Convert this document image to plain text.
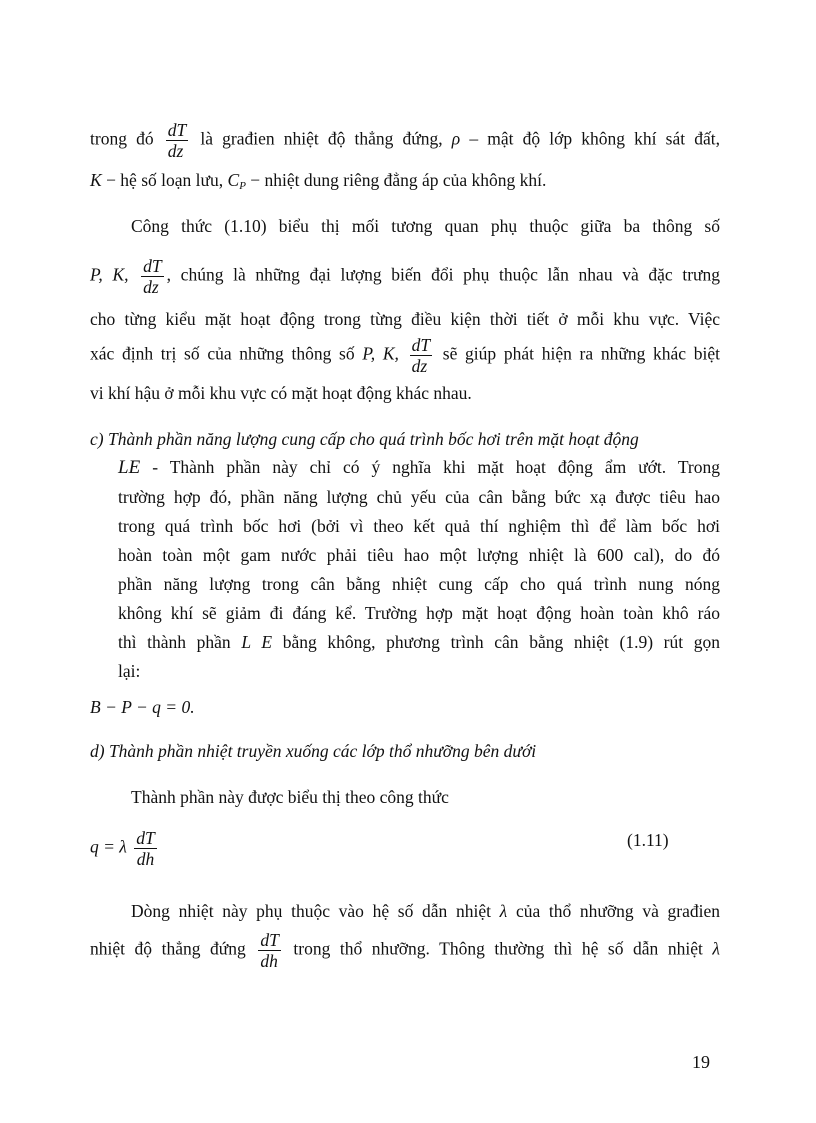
trong đó $\frac{dT}{dz}$ là građien nhiệt độ thẳng đứng, ρ – mật độ lớp không khí sát đất,
K − hệ số loạn lưu, $C_P$ − nhiệt dung riêng đẳng áp của không khí.
Công thức (1.10) biểu thị mối tương quan phụ thuộc giữa ba thông số
P, K, $\frac{dT}{dz}$ , chúng là những đại lượng biến đổi phụ thuộc lẫn nhau và đặc trưng
cho từng kiểu mặt hoạt động trong từng điều kiện thời tiết ở mỗi khu vực. Việc
xác định trị số của những thông số P, K, $\frac{dT}{dz}$ sẽ giúp phát hiện ra những khác biệt
vi khí hậu ở mỗi khu vực có mặt hoạt động khác nhau.
c) Thành phần năng lượng cung cấp cho quá trình bốc hơi trên mặt hoạt động
LE - Thành phần này chỉ có ý nghĩa khi mặt hoạt động ẩm ướt. Trong
trường hợp đó, phần năng lượng chủ yếu của cân bằng bức xạ được tiêu hao
trong quá trình bốc hơi (bởi vì theo kết quả thí nghiệm thì để làm bốc hơi
hoàn toàn một gam nước phải tiêu hao một lượng nhiệt là 600 cal), do đó
phần năng lượng trong cân bằng nhiệt cung cấp cho quá trình nung nóng
không khí sẽ giảm đi đáng kể. Trường hợp mặt hoạt động hoàn toàn khô ráo
thì thành phần L E bằng không, phương trình cân bằng nhiệt (1.9) rút gọn
lại:
B − P − q = 0.
d) Thành phần nhiệt truyền xuống các lớp thổ nhưỡng bên dưới
Thành phần này được biểu thị theo công thức
q = λ $\frac{dT}{dh}$	(1.11)
Dòng nhiệt này phụ thuộc vào hệ số dẫn nhiệt λ của thổ nhưỡng và građien
nhiệt độ thẳng đứng $\frac{dT}{dh}$ trong thổ nhưỡng. Thông thường thì hệ số dẫn nhiệt λ
19
